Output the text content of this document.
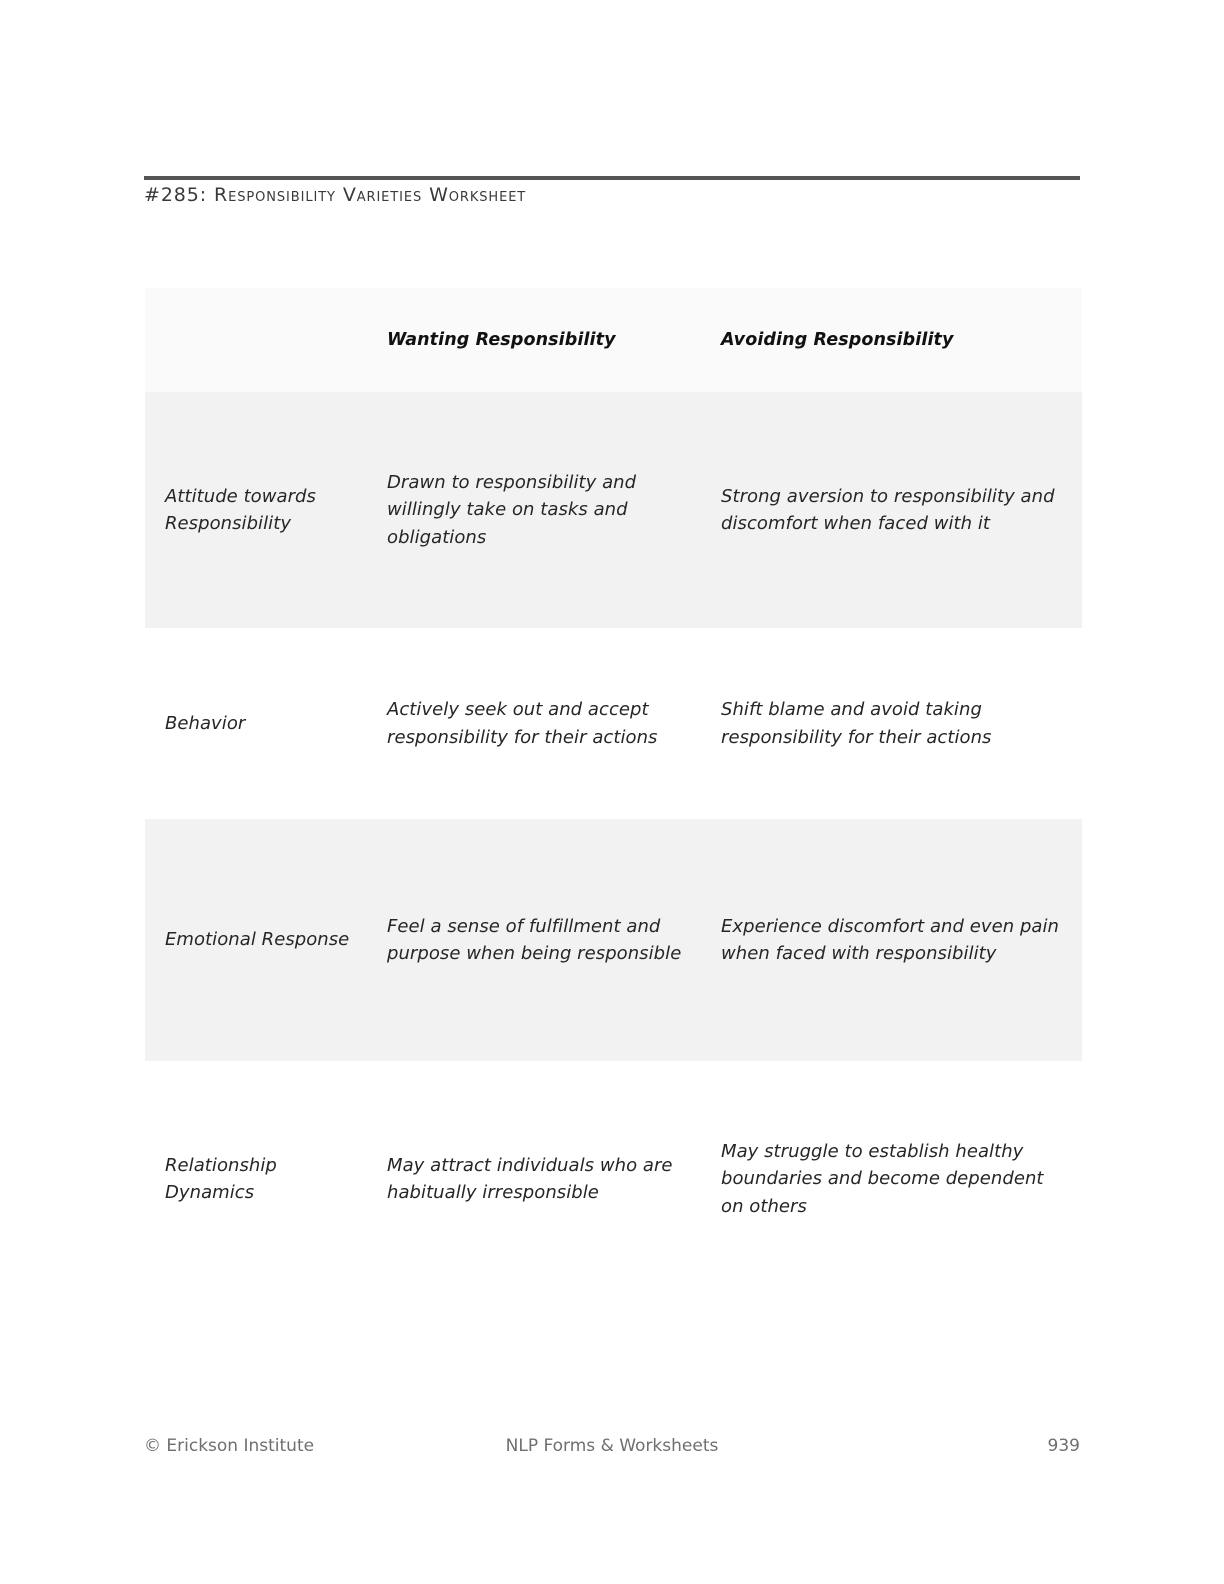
#285: Responsibility Varieties Worksheet
	Wanting Responsibility	Avoiding Responsibility
Attitude towards Responsibility	Drawn to responsibility and willingly take on tasks and obligations	Strong aversion to responsibility and discomfort when faced with it
Behavior	Actively seek out and accept responsibility for their actions	Shift blame and avoid taking responsibility for their actions
Emotional Response	Feel a sense of fulfillment and purpose when being responsible	Experience discomfort and even pain when faced with responsibility
Relationship Dynamics	May attract individuals who are habitually irresponsible	May struggle to establish healthy boundaries and become dependent on others
© Erickson Institute	NLP Forms & Worksheets	939
